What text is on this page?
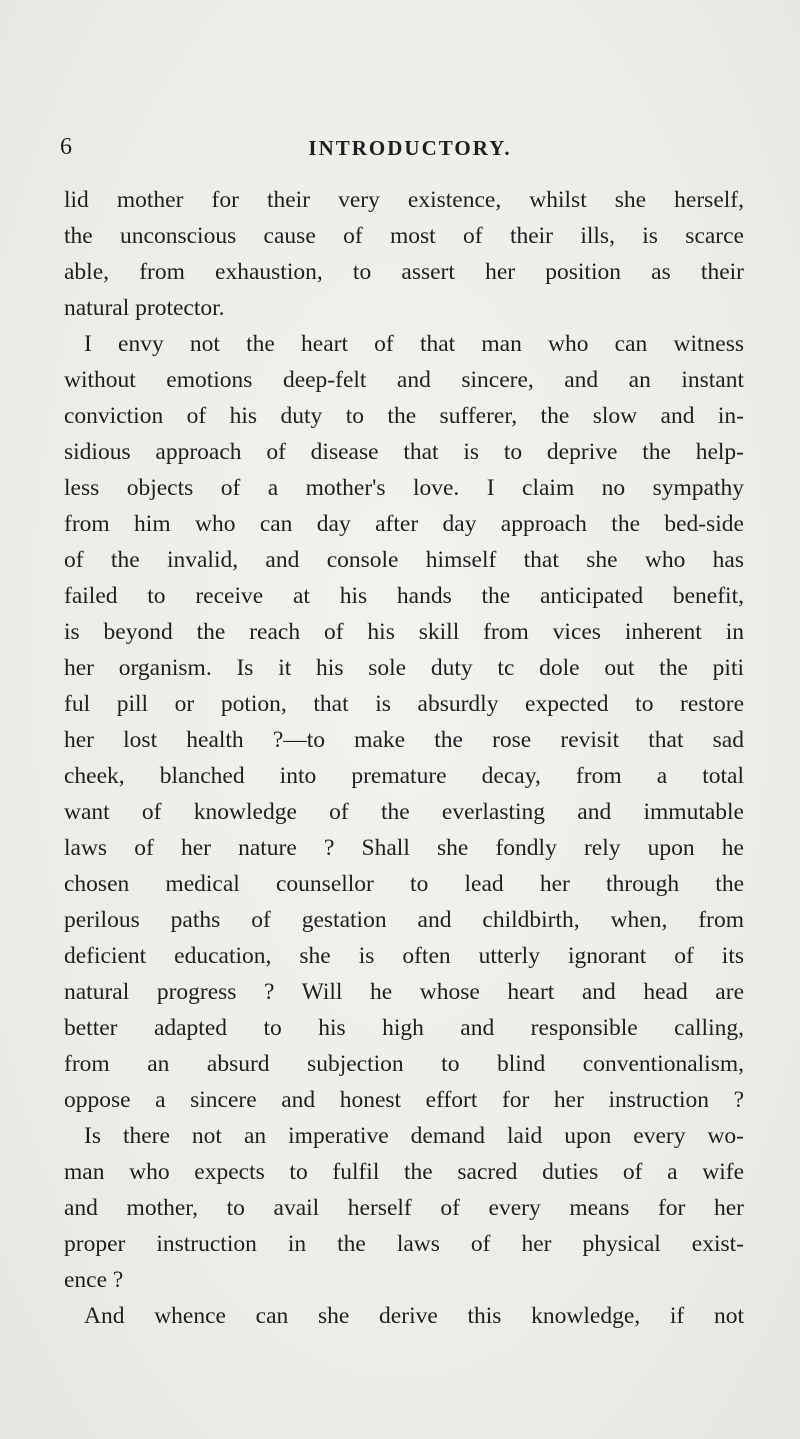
6	INTRODUCTORY.
lid mother for their very existence, whilst she herself,
the unconscious cause of most of their ills, is scarce
able, from exhaustion, to assert her position as their
natural protector.
I envy not the heart of that man who can witness
without emotions deep-felt and sincere, and an instant
conviction of his duty to the sufferer, the slow and in-
sidious approach of disease that is to deprive the help-
less objects of a mother's love. I claim no sympathy
from him who can day after day approach the bed-side
of the invalid, and console himself that she who has
failed to receive at his hands the anticipated benefit,
is beyond the reach of his skill from vices inherent in
her organism. Is it his sole duty tc dole out the piti
ful pill or potion, that is absurdly expected to restore
her lost health ?—to make the rose revisit that sad
cheek, blanched into premature decay, from a total
want of knowledge of the everlasting and immutable
laws of her nature ? Shall she fondly rely upon he
chosen medical counsellor to lead her through the
perilous paths of gestation and childbirth, when, from
deficient education, she is often utterly ignorant of its
natural progress ? Will he whose heart and head are
better adapted to his high and responsible calling,
from an absurd subjection to blind conventionalism,
oppose a sincere and honest effort for her instruction ?
Is there not an imperative demand laid upon every wo-
man who expects to fulfil the sacred duties of a wife
and mother, to avail herself of every means for her
proper instruction in the laws of her physical exist-
ence ?
And whence can she derive this knowledge, if not
